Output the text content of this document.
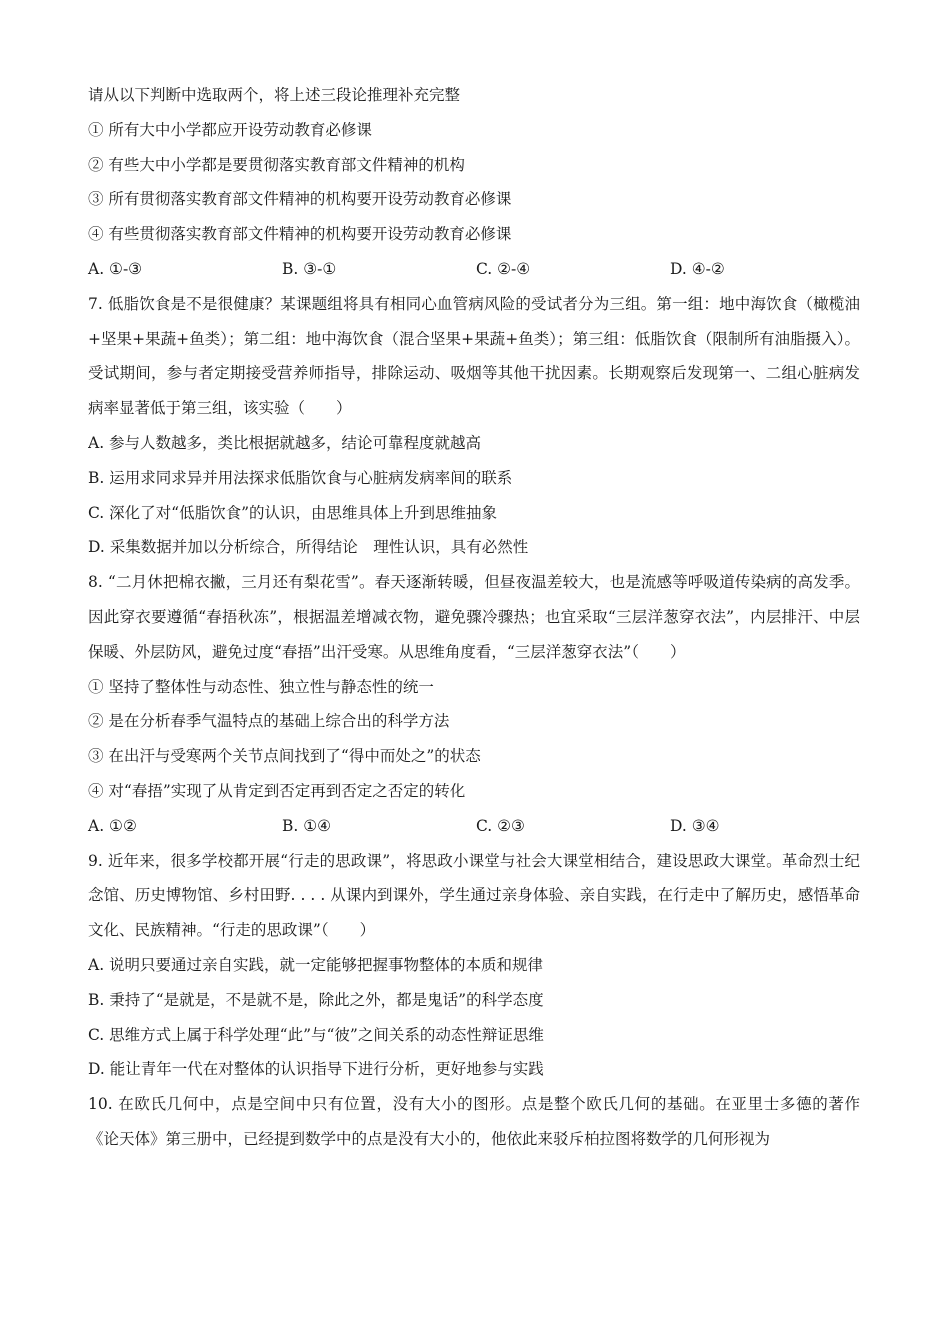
请从以下判断中选取两个，将上述三段论推理补充完整
① 所有大中小学都应开设劳动教育必修课
② 有些大中小学都是要贯彻落实教育部文件精神的机构
③ 所有贯彻落实教育部文件精神的机构要开设劳动教育必修课
④ 有些贯彻落实教育部文件精神的机构要开设劳动教育必修课
A. ①-③	B. ③-①	C. ②-④	D. ④-②
7. 低脂饮食是不是很健康？某课题组将具有相同心血管病风险的受试者分为三组。第一组：地中海饮食（橄榄油+坚果+果蔬+鱼类）；第二组：地中海饮食（混合坚果+果蔬+鱼类）；第三组：低脂饮食（限制所有油脂摄入）。受试期间，参与者定期接受营养师指导，排除运动、吸烟等其他干扰因素。长期观察后发现第一、二组心脏病发病率显著低于第三组，该实验（　　）
A. 参与人数越多，类比根据就越多，结论可靠程度就越高
B. 运用求同求异并用法探求低脂饮食与心脏病发病率间的联系
C. 深化了对“低脂饮食”的认识，由思维具体上升到思维抽象
D. 采集数据并加以分析综合，所得结论　理性认识，具有必然性
8. “二月休把棉衣撇，三月还有梨花雪”。春天逐渐转暖，但昼夜温差较大，也是流感等呼吸道传染病的高发季。因此穿衣要遵循“春捂秋冻”，根据温差增减衣物，避免骤冷骤热；也宜采取“三层洋葱穿衣法”，内层排汗、中层保暖、外层防风，避免过度“春捂”出汗受寒。从思维角度看，“三层洋葱穿衣法”（　　）
① 坚持了整体性与动态性、独立性与静态性的统一
② 是在分析春季气温特点的基础上综合出的科学方法
③ 在出汗与受寒两个关节点间找到了“得中而处之”的状态
④ 对“春捂”实现了从肯定到否定再到否定之否定的转化
A. ①②	B. ①④	C. ②③	D. ③④
9. 近年来，很多学校都开展“行走的思政课”，将思政小课堂与社会大课堂相结合，建设思政大课堂。革命烈士纪念馆、历史博物馆、乡村田野. . . . 从课内到课外，学生通过亲身体验、亲自实践，在行走中了解历史，感悟革命文化、民族精神。“行走的思政课”（　　）
A. 说明只要通过亲自实践，就一定能够把握事物整体的本质和规律
B. 秉持了“是就是，不是就不是，除此之外，都是鬼话”的科学态度
C. 思维方式上属于科学处理“此”与“彼”之间关系的动态性辩证思维
D. 能让青年一代在对整体的认识指导下进行分析，更好地参与实践
10. 在欧氏几何中，点是空间中只有位置，没有大小的图形。点是整个欧氏几何的基础。在亚里士多德的著作《论天体》第三册中，已经提到数学中的点是没有大小的，他依此来驳斥柏拉图将数学的几何形视为
